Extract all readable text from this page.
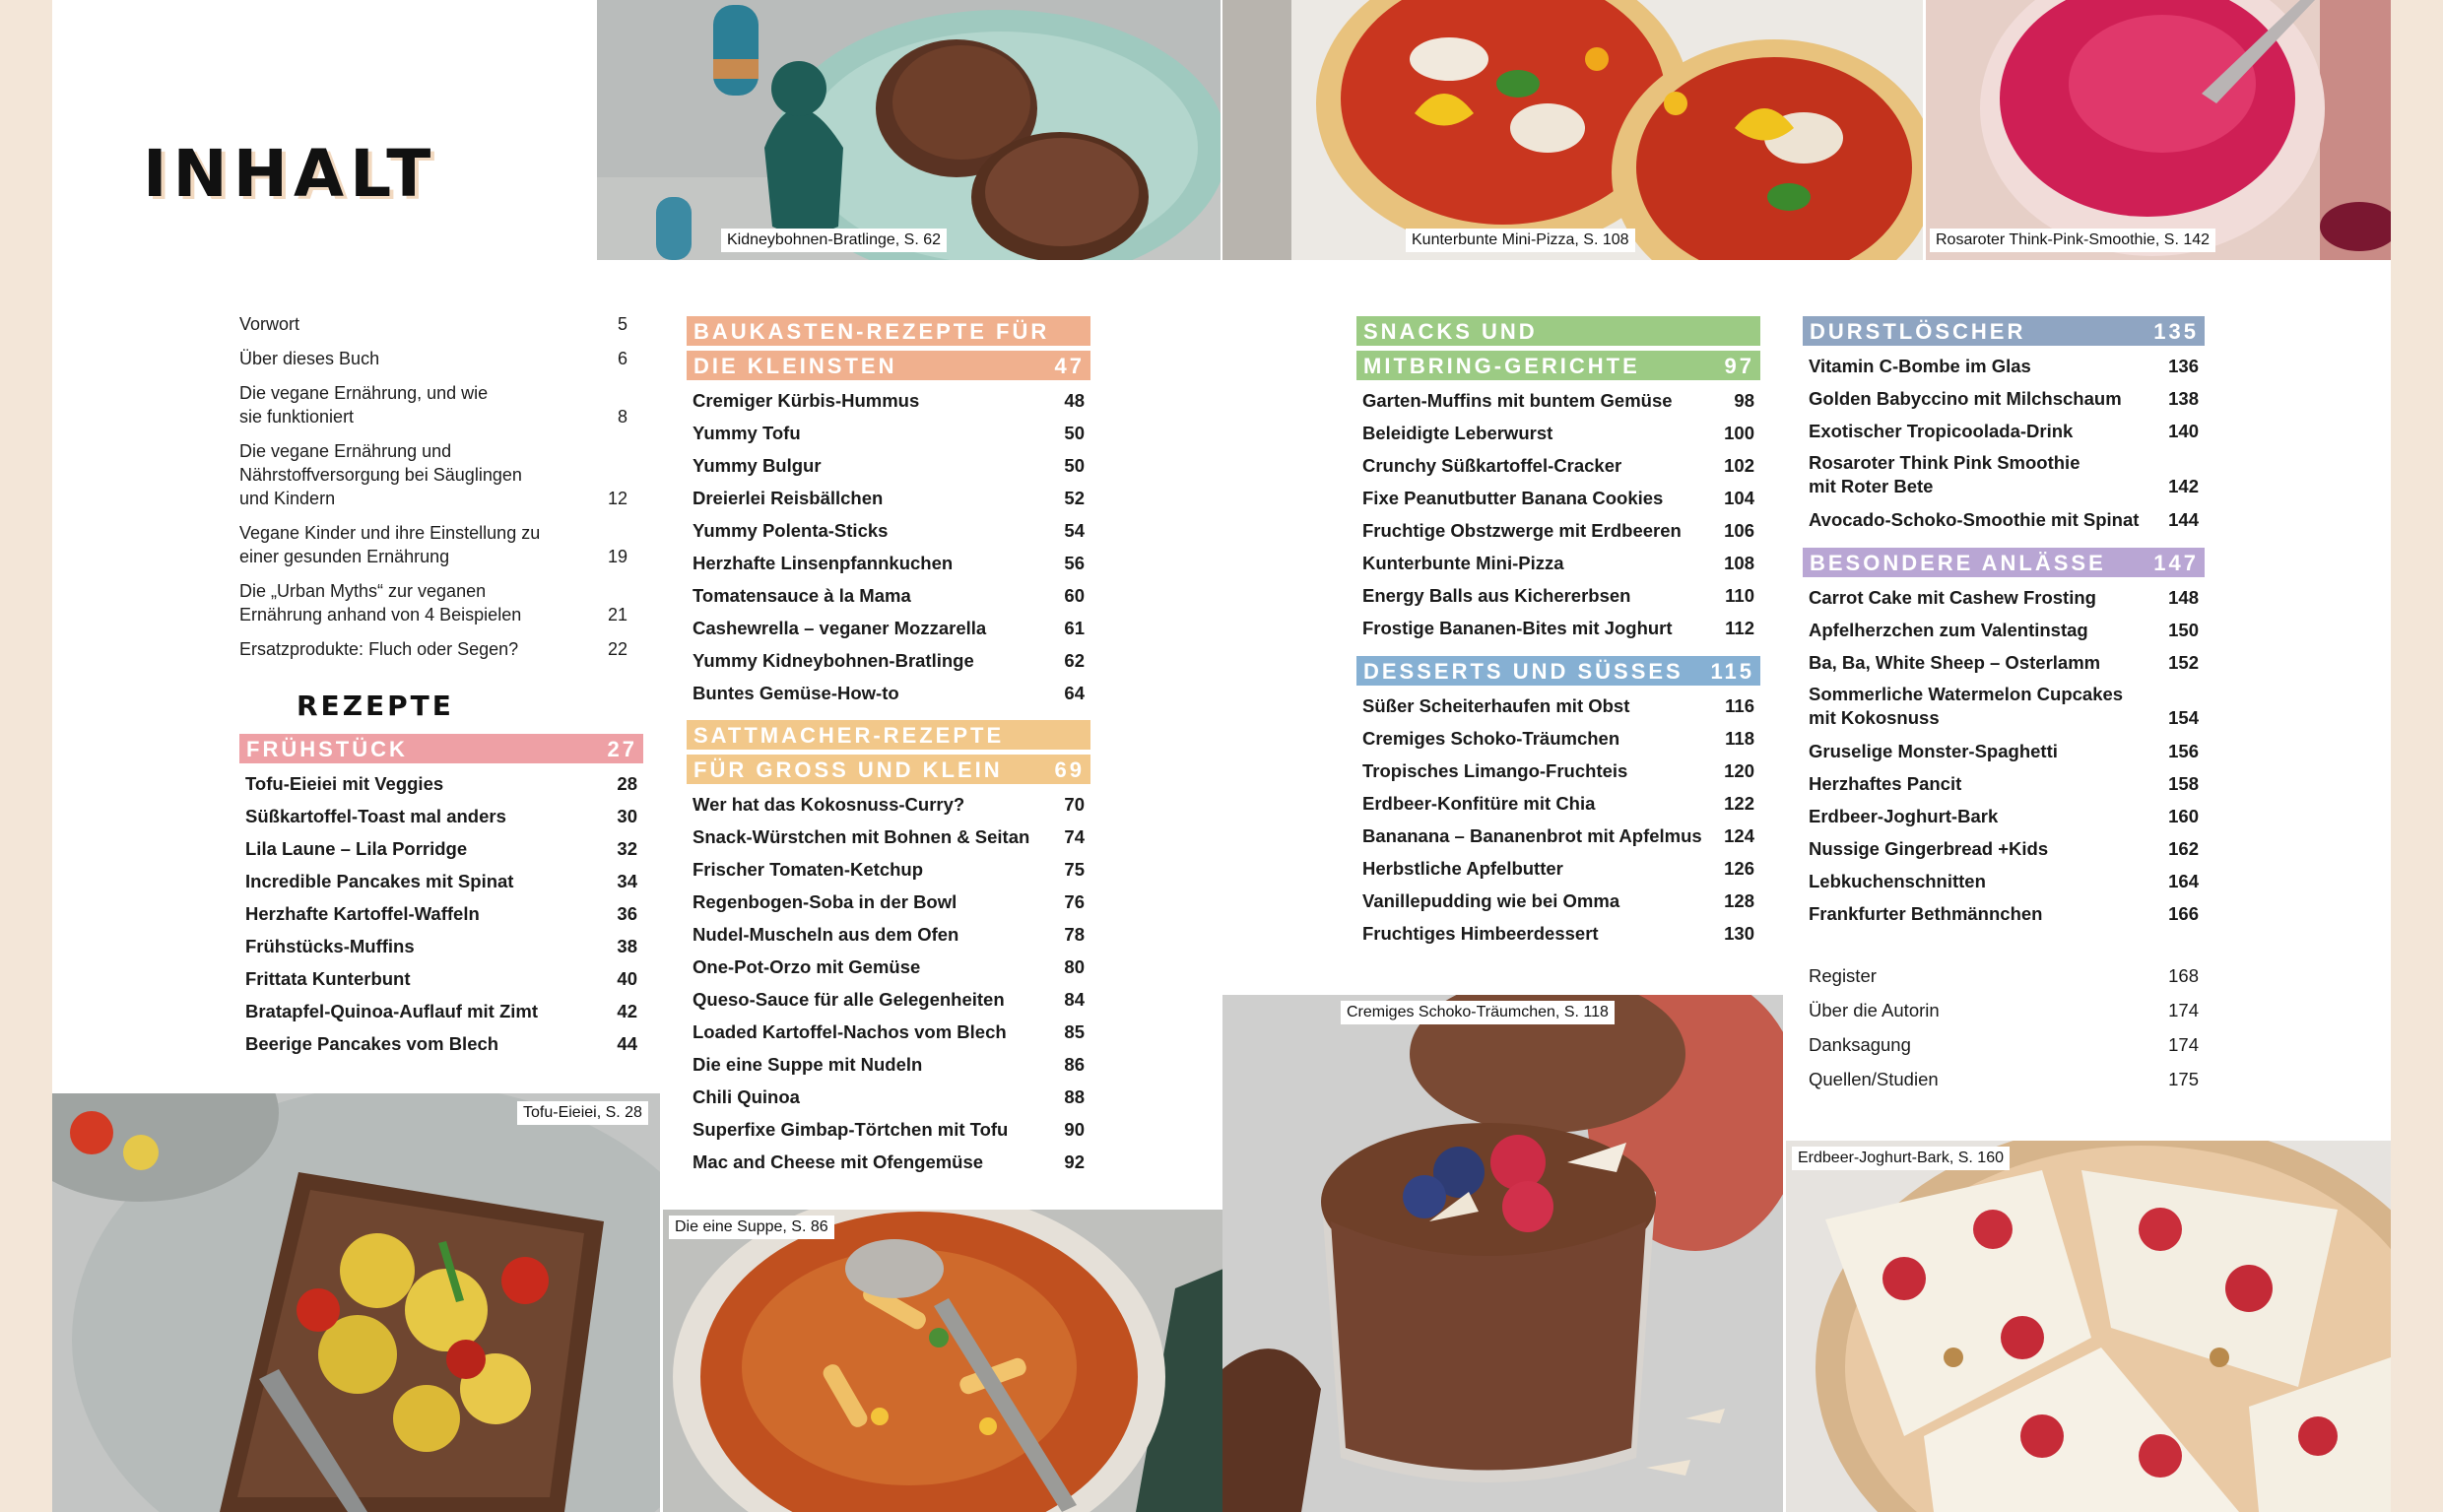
Kidneybohnen-Bratlinge, S. 62	Kunterbunte Mini-Pizza, S. 108	Rosaroter Think-Pink-Smoothie, S. 142
INHALT
Vorwort	5
Über dieses Buch	6
Die vegane Ernährung, und wie sie funktioniert	8
Die vegane Ernährung und Nährstoffversorgung bei Säuglingen und Kindern	12
Vegane Kinder und ihre Einstellung zu einer gesunden Ernährung	19
Die „Urban Myths“ zur veganen Ernährung anhand von 4 Beispielen	21
Ersatzprodukte: Fluch oder Segen?	22
REZEPTE
FRÜHSTÜCK	27
Tofu-Eieiei mit Veggies	28
Süßkartoffel-Toast mal anders	30
Lila Laune – Lila Porridge	32
Incredible Pancakes mit Spinat	34
Herzhafte Kartoffel-Waffeln	36
Frühstücks-Muffins	38
Frittata Kunterbunt	40
Bratapfel-Quinoa-Auflauf mit Zimt	42
Beerige Pancakes vom Blech	44
BAUKASTEN-REZEPTE FÜR
DIE KLEINSTEN	47
Cremiger Kürbis-Hummus	48
Yummy Tofu	50
Yummy Bulgur	50
Dreierlei Reisbällchen	52
Yummy Polenta-Sticks	54
Herzhafte Linsenpfannkuchen	56
Tomatensauce à la Mama	60
Cashewrella – veganer Mozzarella	61
Yummy Kidneybohnen-Bratlinge	62
Buntes Gemüse-How-to	64
SATTMACHER-REZEPTE
FÜR GROSS UND KLEIN 69
Wer hat das Kokosnuss-Curry?	70
Snack-Würstchen mit Bohnen & Seitan 74
Frischer Tomaten-Ketchup	75
Regenbogen-Soba in der Bowl	76
Nudel-Muscheln aus dem Ofen	78
One-Pot-Orzo mit Gemüse	80
Queso-Sauce für alle Gelegenheiten	84
Loaded Kartoffel-Nachos vom Blech	85
Die eine Suppe mit Nudeln	86
Chili Quinoa	88
Superfixe Gimbap-Törtchen mit Tofu	90
Mac and Cheese mit Ofengemüse	92
SNACKS UND
MITBRING-GERICHTE	97
Garten-Muffins mit buntem Gemüse	98
Beleidigte Leberwurst	100
Crunchy Süßkartoffel-Cracker	102
Fixe Peanutbutter Banana Cookies	104
Fruchtige Obstzwerge mit Erdbeeren 106
Kunterbunte Mini-Pizza	108
Energy Balls aus Kichererbsen	110
Frostige Bananen-Bites mit Joghurt	112
DESSERTS UND SÜSSES 115
Süßer Scheiterhaufen mit Obst	116
Cremiges Schoko-Träumchen	118
Tropisches Limango-Fruchteis	120
Erdbeer-Konfitüre mit Chia	122
Bananana – Bananenbrot mit Apfelmus 124
Herbstliche Apfelbutter	126
Vanillepudding wie bei Omma	128
Fruchtiges Himbeerdessert	130
DURSTLÖSCHER	135
Vitamin C-Bombe im Glas	136
Golden Babyccino mit Milchschaum	138
Exotischer Tropicoolada-Drink	140
Rosaroter Think Pink Smoothie mit Roter Bete	142
Avocado-Schoko-Smoothie mit Spinat 144
BESONDERE ANLÄSSE 147
Carrot Cake mit Cashew Frosting	148
Apfelherzchen zum Valentinstag	150
Ba, Ba, White Sheep – Osterlamm	152
Sommerliche Watermelon Cupcakes mit Kokosnuss	154
Gruselige Monster-Spaghetti	156
Herzhaftes Pancit	158
Erdbeer-Joghurt-Bark	160
Nussige Gingerbread +Kids	162
Lebkuchenschnitten	164
Frankfurter Bethmännchen	166
Register	168
Über die Autorin	174
Danksagung	174
Quellen/Studien	175
Tofu-Eieiei, S. 28
Die eine Suppe, S. 86
Cremiges Schoko-Träumchen, S. 118
Erdbeer-Joghurt-Bark, S. 160
